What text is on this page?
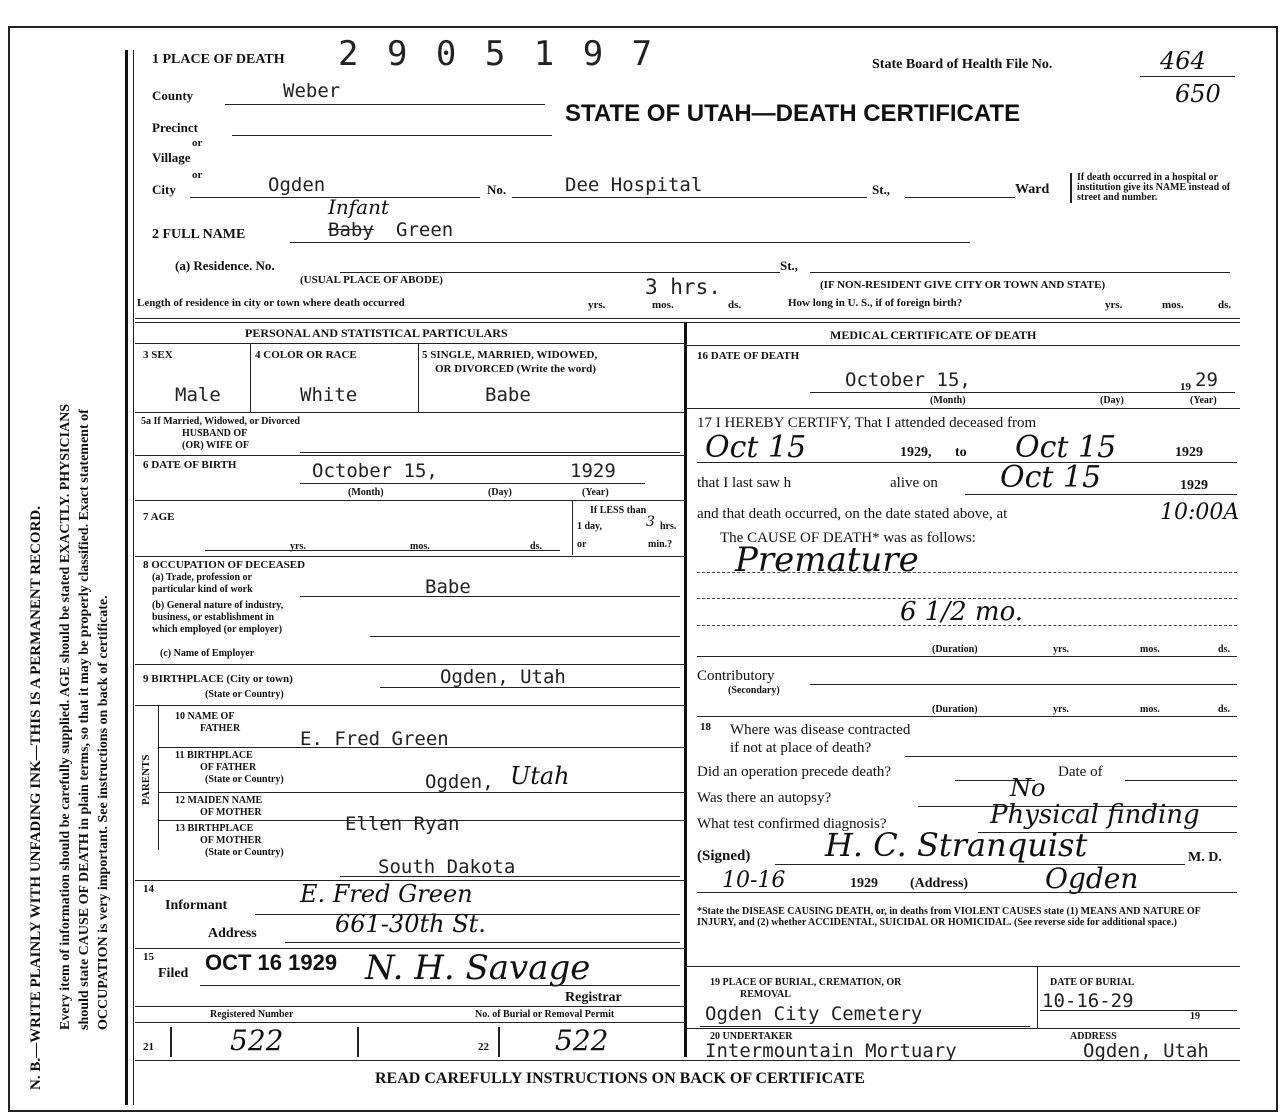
N. B.—WRITE PLAINLY WITH UNFADING INK—THIS IS A PERMANENT RECORD. Every item of information should be carefully supplied. AGE should be stated EXACTLY. PHYSICIANS should state CAUSE OF DEATH in plain terms, so that it may be properly classified. Exact statement of OCCUPATION is very important. See instructions on back of certificate.
1 PLACE OF DEATH 2 9 0 5 1 9 7	State Board of Health File No.	464
650
STATE OF UTAH—DEATH CERTIFICATE
County	Weber
Precinct
or
Village
or
City	Ogden	No.	Dee Hospital	St.,	Ward
If death occurred in a hospital or institution give its NAME instead of street and number.
2 FULL NAME
Infant
Baby Green
(a) Residence. No.
(USUAL PLACE OF ABODE)
St.,
(IF NON-RESIDENT GIVE CITY OR TOWN AND STATE)
Length of residence in city or town where death occurred
3 hrs.
yrs.	mos.	ds.	How long in U. S., if of foreign birth?	yrs.	mos.	ds.
PERSONAL AND STATISTICAL PARTICULARS
3 SEX	4 COLOR OR RACE	5 SINGLE, MARRIED, WIDOWED,
OR DIVORCED (Write the word)
Male	White	Babe
5a If Married, Widowed, or Divorced
HUSBAND OF
(OR) WIFE OF
6 DATE OF BIRTH	October 15,	1929
(Month)	(Day)	(Year)
7 AGE
yrs.	mos.	ds.
If LESS than
1 day,	3 hrs.
or	min.?
8 OCCUPATION OF DECEASED
(a) Trade, profession or
particular kind of work	Babe
(b) General nature of industry,
business, or establishment in
which employed (or employer)
(c) Name of Employer
9 BIRTHPLACE (City or town)
(State or Country)
Ogden, Utah
PARENTS
10 NAME OF
FATHER	E. Fred Green
11 BIRTHPLACE
OF FATHER
(State or Country)	Ogden, Utah
12 MAIDEN NAME
OF MOTHER
Ellen Ryan
13 BIRTHPLACE
OF MOTHER
(State or Country)
South Dakota
14
Informant	E. Fred Green
Address	661-30th St.
15
Filed OCT 16 1929 N. H. Savage
Registrar
Registered Number	No. of Burial or Removal Permit
21	522	22 522
MEDICAL CERTIFICATE OF DEATH
16 DATE OF DEATH
October 15,	19 29
(Month)	(Day)	(Year)
17 I HEREBY CERTIFY, That I attended deceased from
Oct 15	1929, to Oct 15	1929
that I last saw h	alive on Oct 15	1929
and that death occurred, on the date stated above, at	10:00A
The CAUSE OF DEATH* was as follows:
Premature
6 1/2 mo.
(Duration)	yrs.	mos.	ds.
Contributory
(Secondary)
(Duration)	yrs.	mos.	ds.
18 Where was disease contracted
if not at place of death?
Did an operation precede death?	Date of
Was there an autopsy?	No
What test confirmed diagnosis?	Physical finding
(Signed) H. C. Stranquist	M. D.
10-16	1929 (Address)	Ogden
*State the DISEASE CAUSING DEATH, or, in deaths from VIOLENT CAUSES state (1) MEANS AND NATURE OF INJURY, and (2) whether ACCIDENTAL, SUICIDAL OR HOMICIDAL. (See reverse side for additional space.)
19 PLACE OF BURIAL, CREMATION, OR
REMOVAL
Ogden City Cemetery
DATE OF BURIAL
10-16-29
19
20 UNDERTAKER
Intermountain Mortuary
ADDRESS
Ogden, Utah
READ CAREFULLY INSTRUCTIONS ON BACK OF CERTIFICATE
